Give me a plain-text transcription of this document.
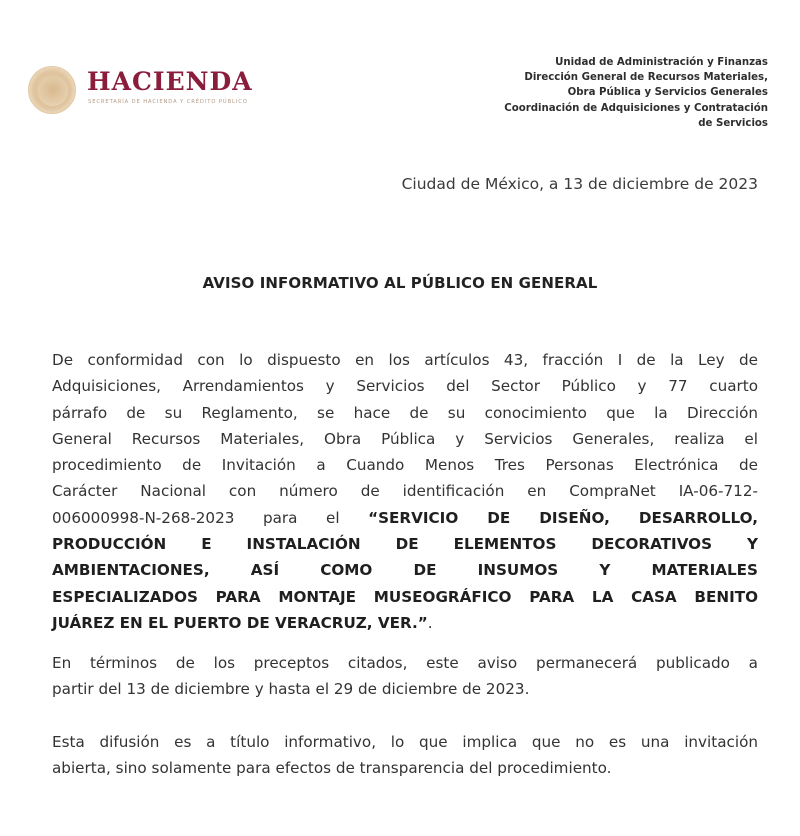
HACIENDA
SECRETARÍA DE HACIENDA Y CRÉDITO PÚBLICO
Unidad de Administración y Finanzas
Dirección General de Recursos Materiales,
Obra Pública y Servicios Generales
Coordinación de Adquisiciones y Contratación
de Servicios
Ciudad de México, a 13 de diciembre de 2023
AVISO INFORMATIVO AL PÚBLICO EN GENERAL
De conformidad con lo dispuesto en los artículos 43, fracción I de la Ley de
Adquisiciones, Arrendamientos y Servicios del Sector Público y 77 cuarto
párrafo de su Reglamento, se hace de su conocimiento que la Dirección
General Recursos Materiales, Obra Pública y Servicios Generales, realiza el
procedimiento de Invitación a Cuando Menos Tres Personas Electrónica de
Carácter Nacional con número de identificación en CompraNet IA-06-712-
006000998-N-268-2023 para el “SERVICIO DE DISEÑO, DESARROLLO,
PRODUCCIÓN E INSTALACIÓN DE ELEMENTOS DECORATIVOS Y
AMBIENTACIONES, ASÍ COMO DE INSUMOS Y MATERIALES
ESPECIALIZADOS PARA MONTAJE MUSEOGRÁFICO PARA LA CASA BENITO
JUÁREZ EN EL PUERTO DE VERACRUZ, VER.”.
En términos de los preceptos citados, este aviso permanecerá publicado a
partir del 13 de diciembre y hasta el 29 de diciembre de 2023.
Esta difusión es a título informativo, lo que implica que no es una invitación
abierta, sino solamente para efectos de transparencia del procedimiento.
